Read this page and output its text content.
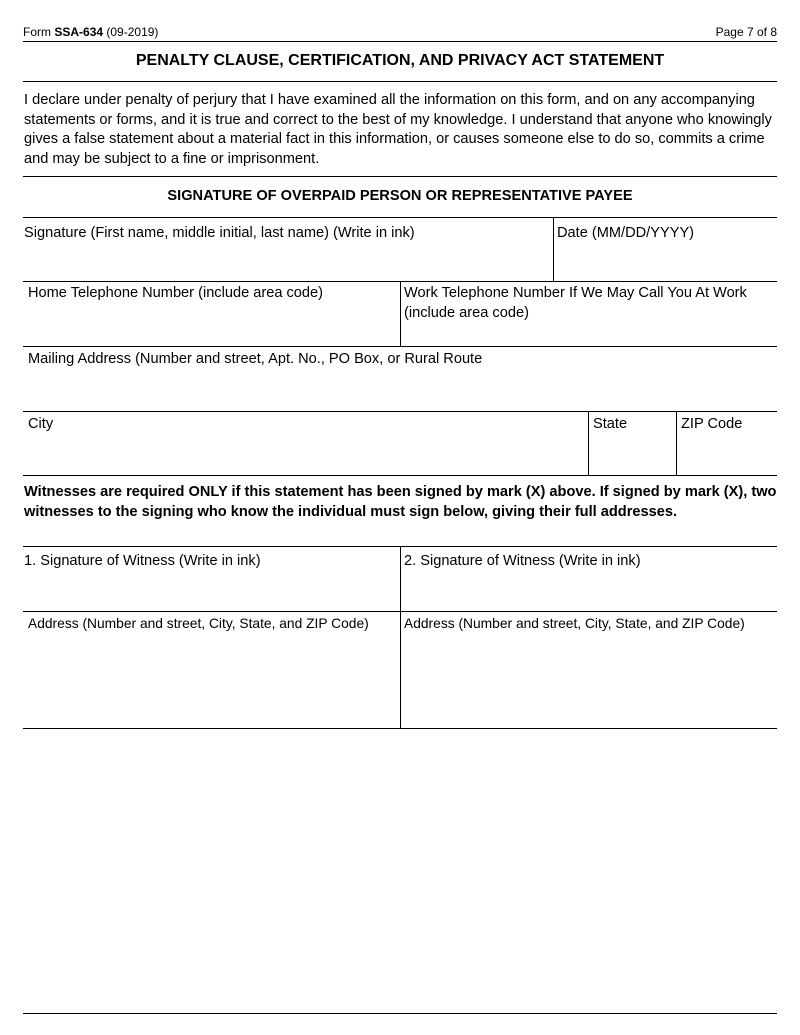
Form SSA-634 (09-2019)	Page 7 of 8
PENALTY CLAUSE, CERTIFICATION, AND PRIVACY ACT STATEMENT
I declare under penalty of perjury that I have examined all the information on this form, and on any accompanying statements or forms, and it is true and correct to the best of my knowledge. I understand that anyone who knowingly gives a false statement about a material fact in this information, or causes someone else to do so, commits a crime and may be subject to a fine or imprisonment.
SIGNATURE OF OVERPAID PERSON OR REPRESENTATIVE PAYEE
Signature (First name, middle initial, last name) (Write in ink)	Date (MM/DD/YYYY)
Home Telephone Number (include area code)	Work Telephone Number If We May Call You At Work (include area code)
Mailing Address (Number and street, Apt. No., PO Box, or Rural Route
City	State	ZIP Code
Witnesses are required ONLY if this statement has been signed by mark (X) above. If signed by mark (X), two witnesses to the signing who know the individual must sign below, giving their full addresses.
1. Signature of Witness (Write in ink)	2. Signature of Witness (Write in ink)
Address (Number and street, City, State, and ZIP Code)	Address (Number and street, City, State, and ZIP Code)
